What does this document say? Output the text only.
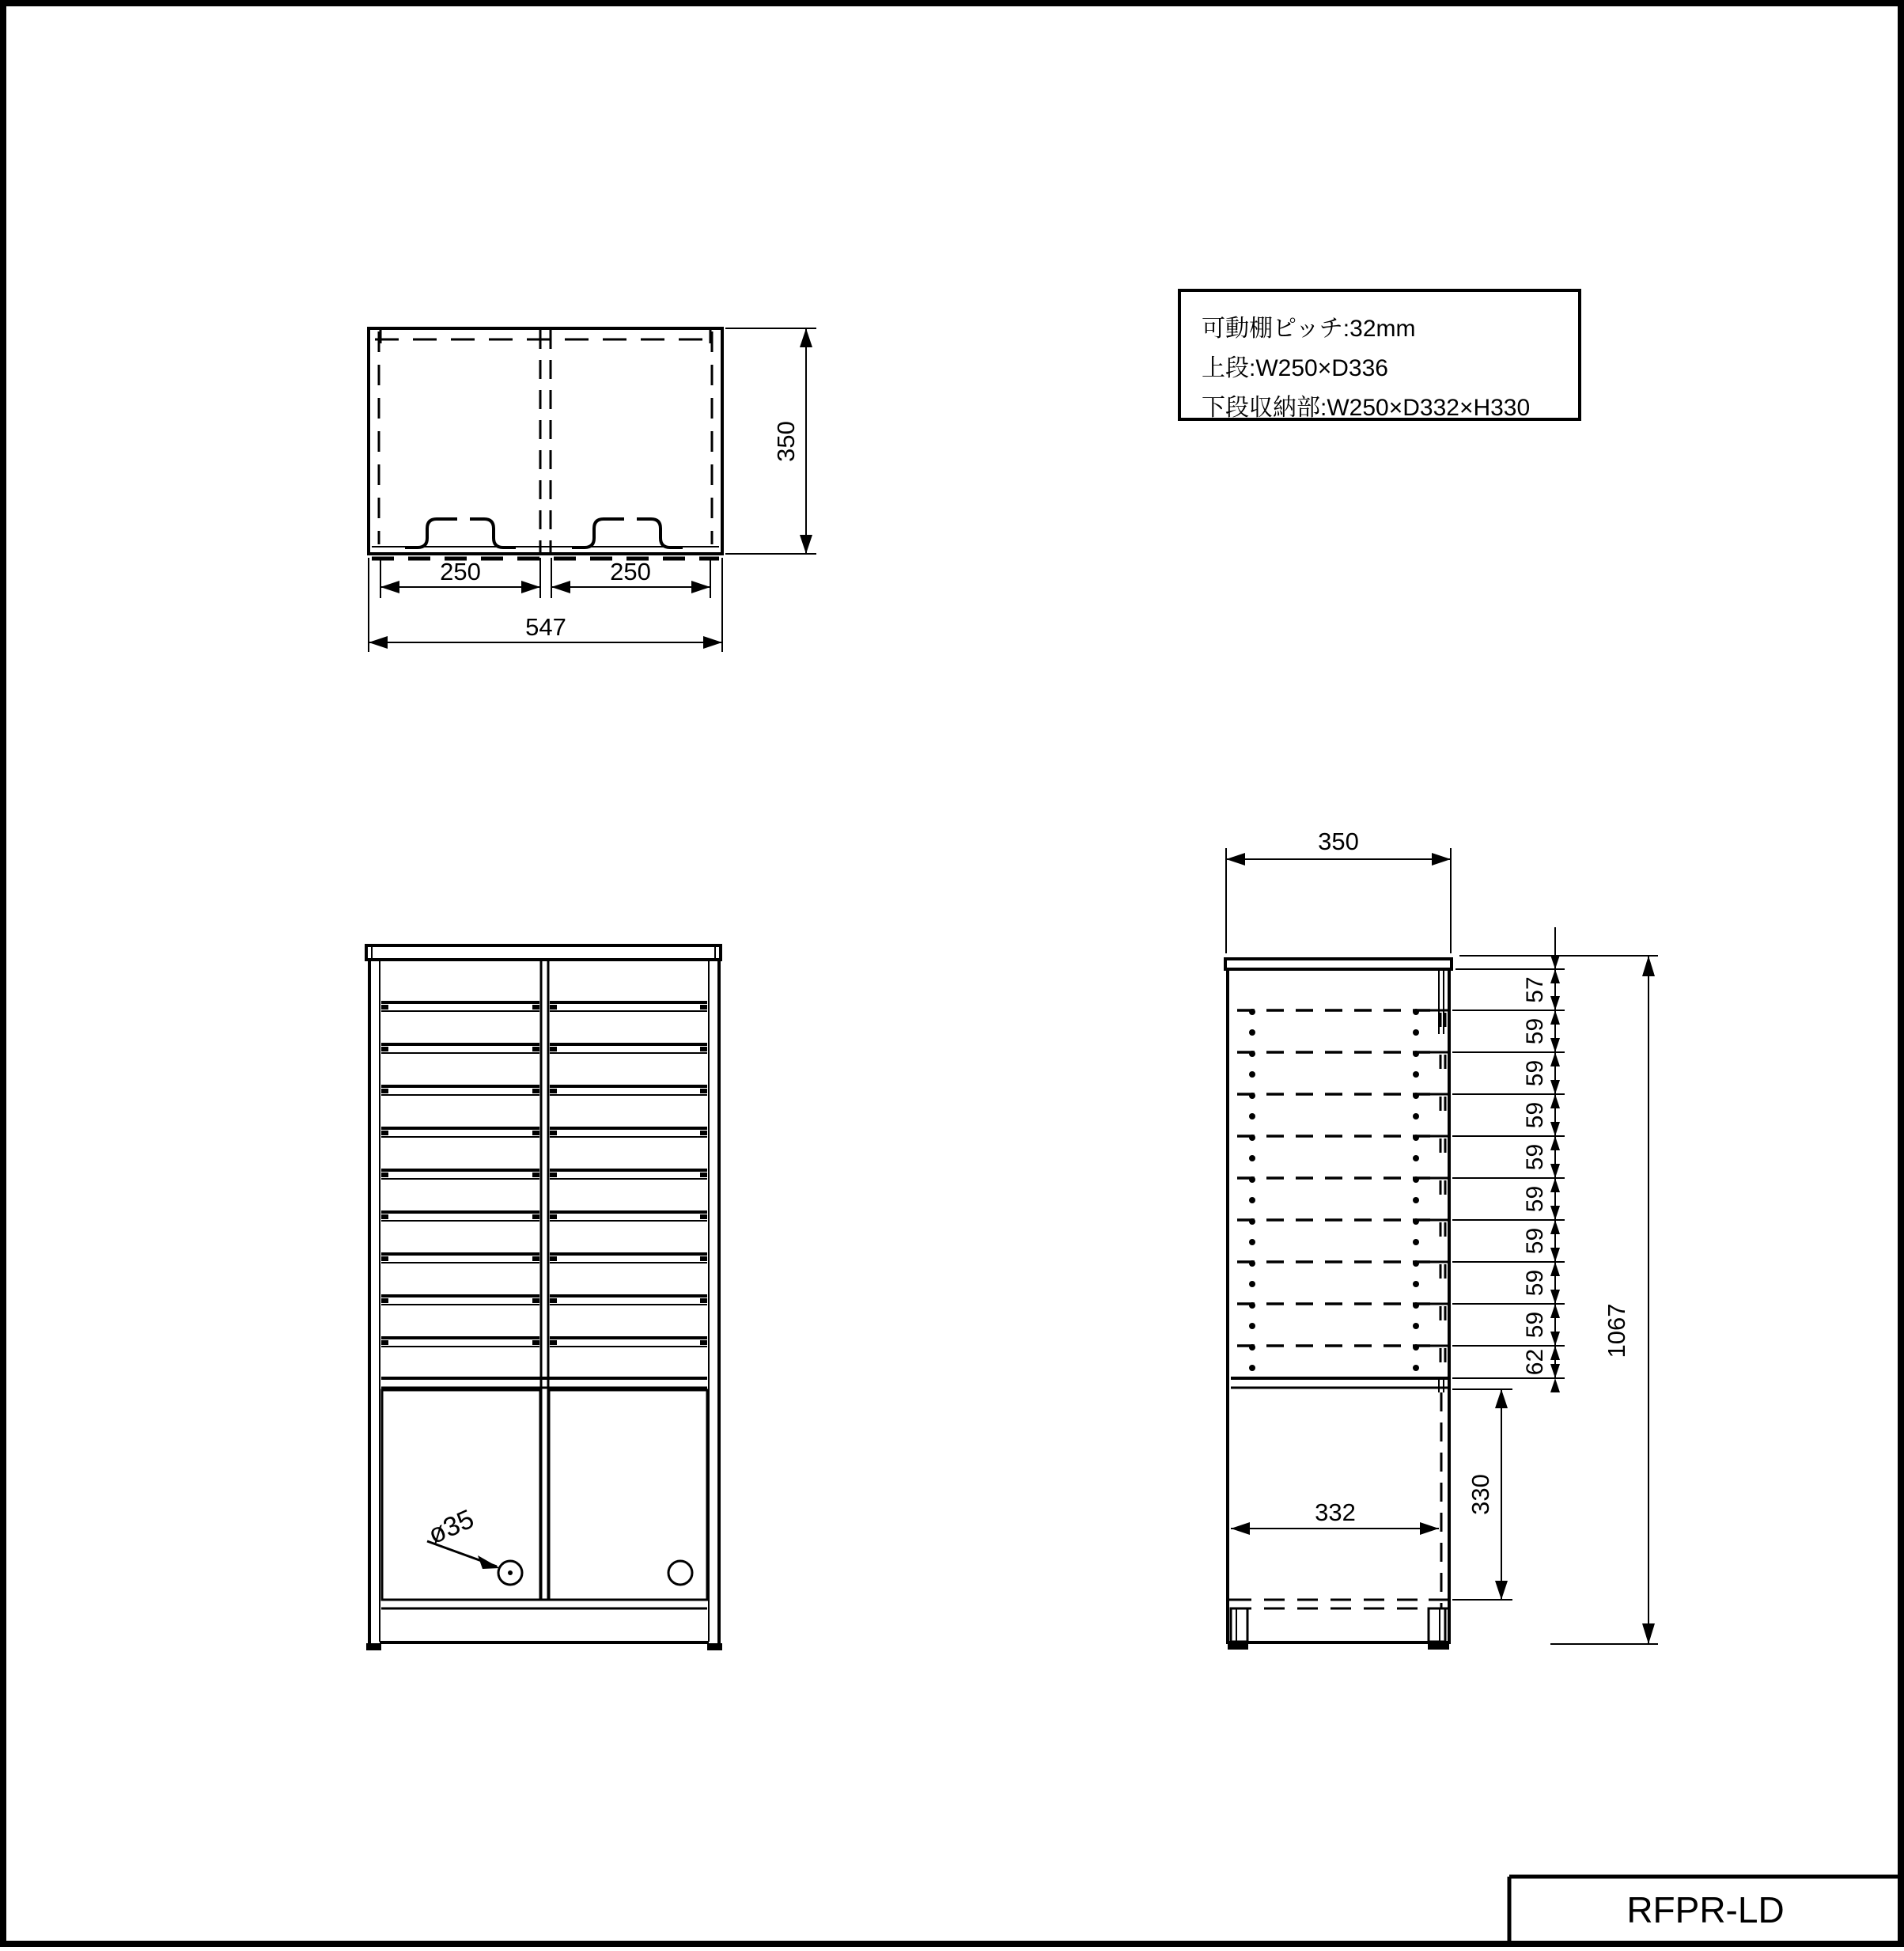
可動棚ピッチ:32mm
上段:W250×D336
下段収納部:W250×D332×H330
RFPR-LD
250	250
547
350
ø35
350
332	330
57
59
59
59
59
59
59
59
59
62
1067
